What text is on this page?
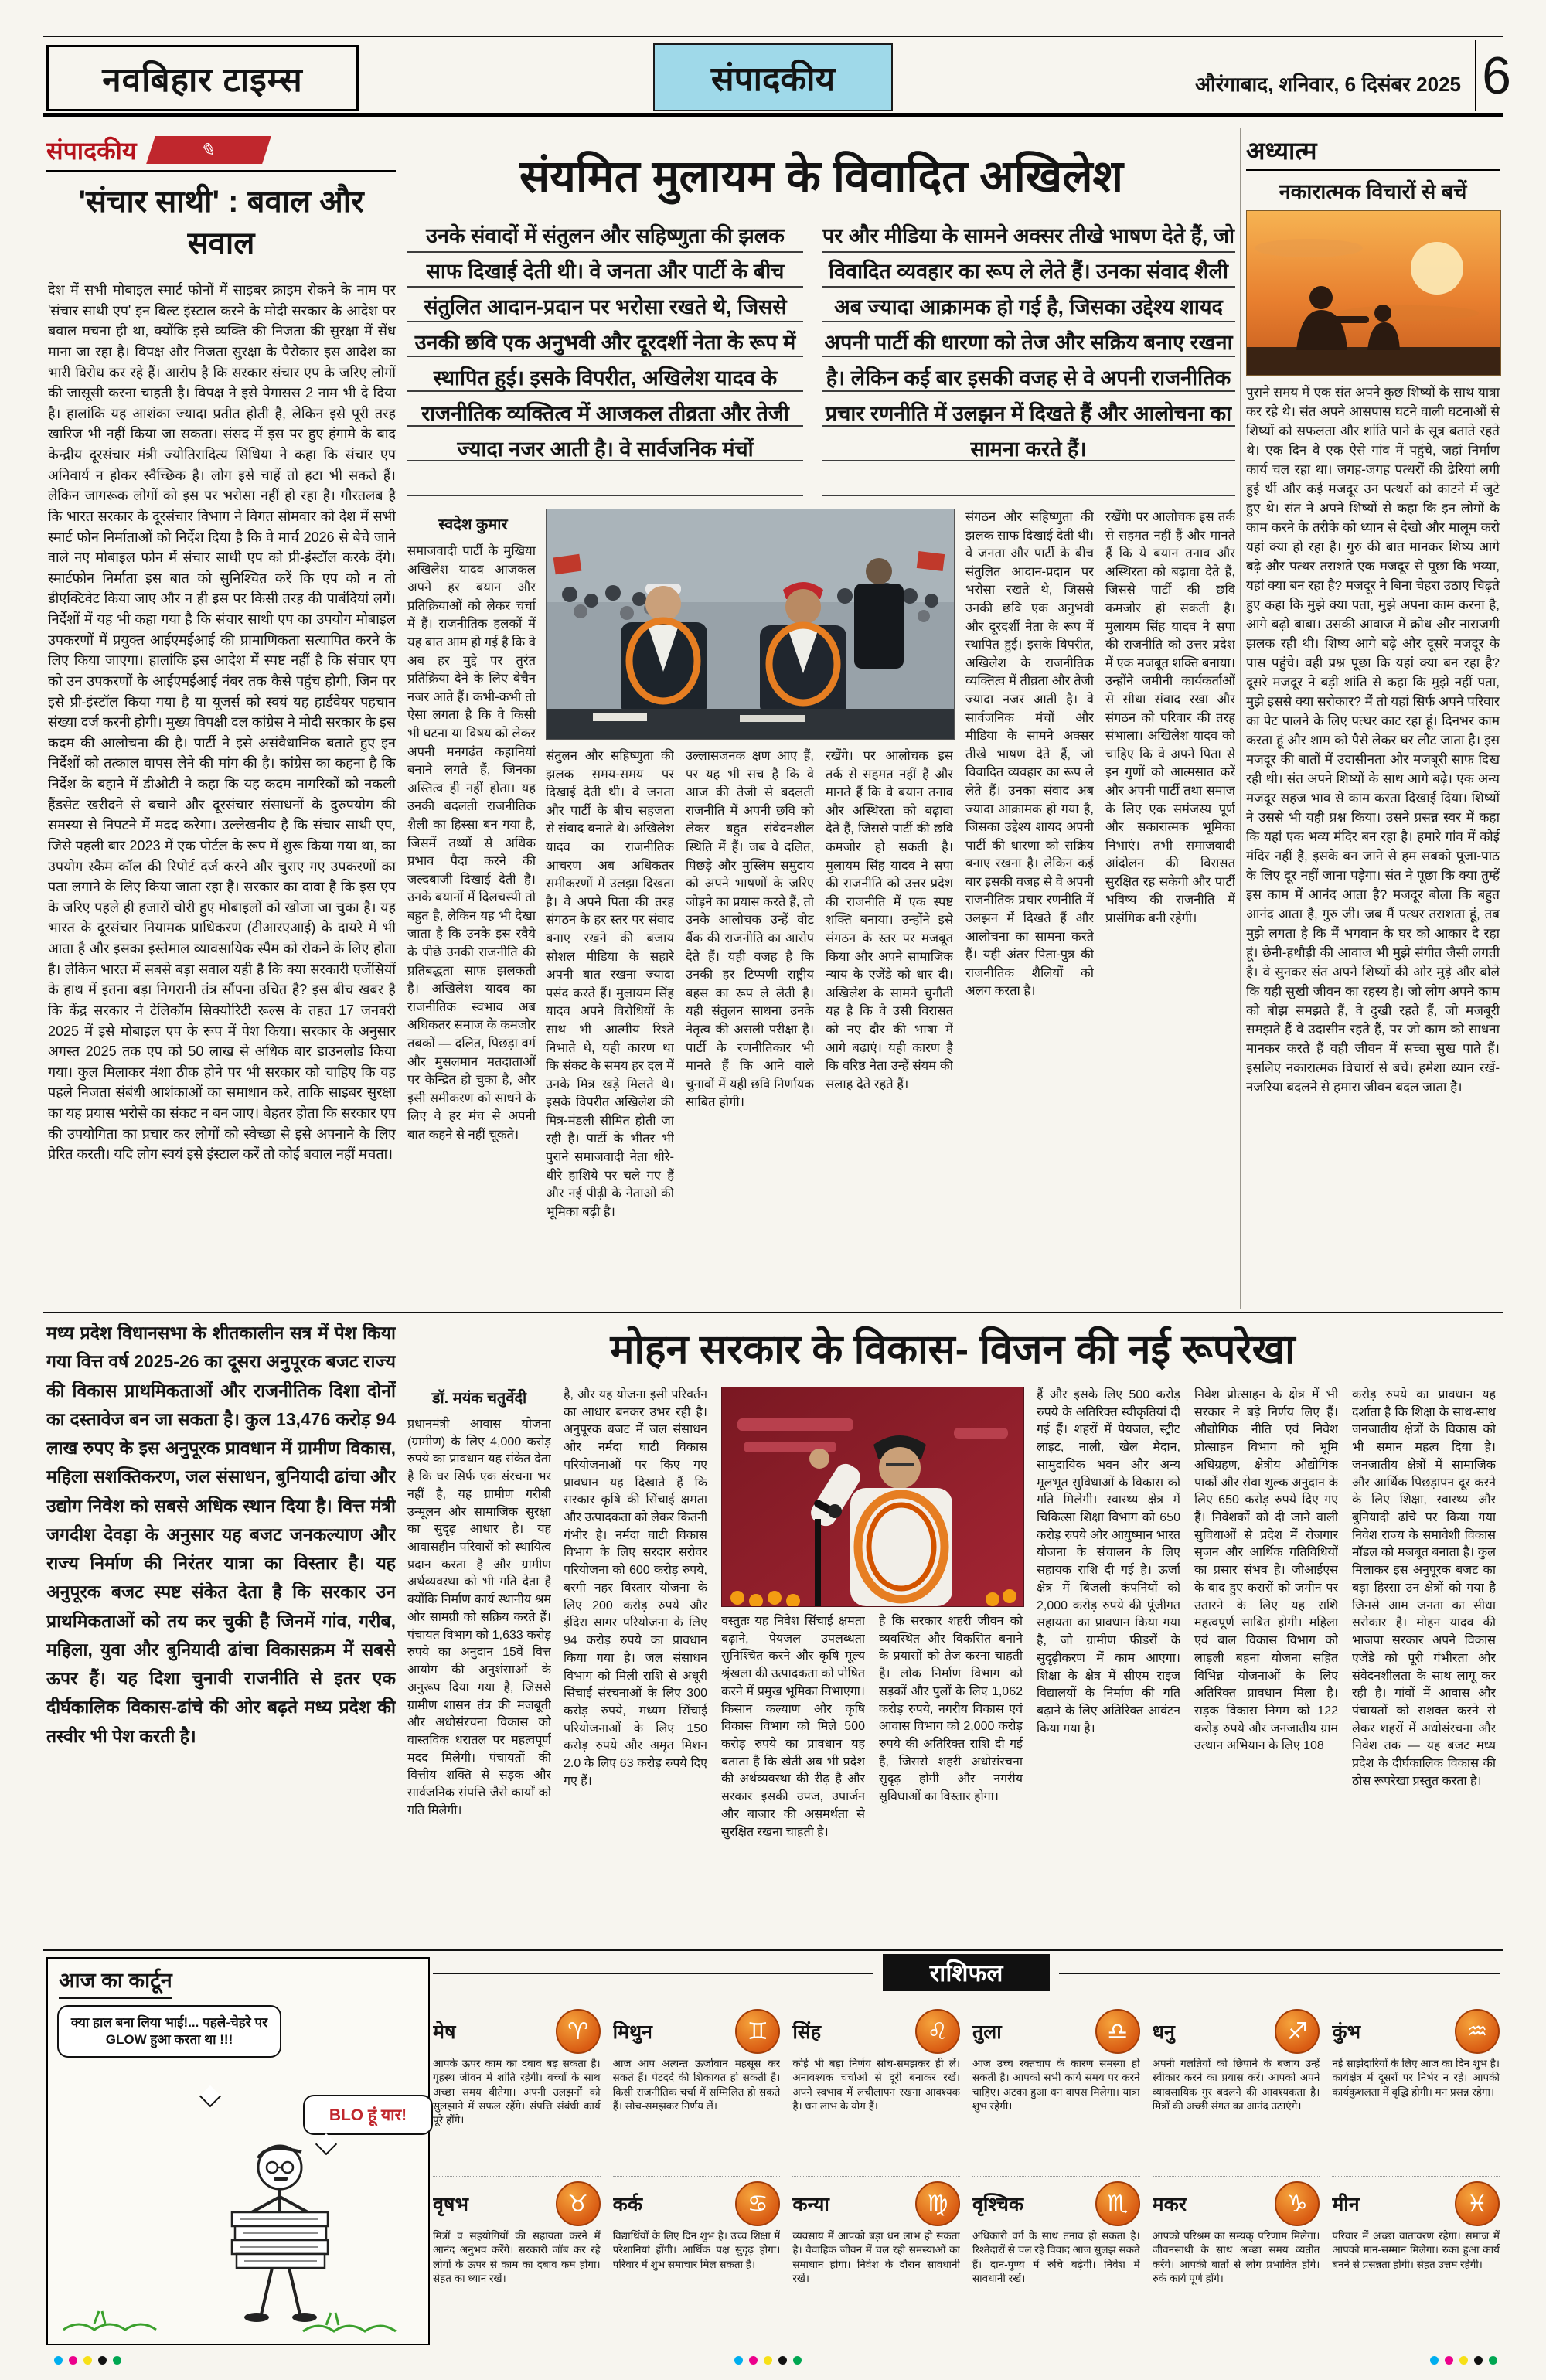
नवबिहार टाइम्स	संपादकीय	औरंगाबाद, शनिवार, 6 दिसंबर 2025 6
संपादकीय	✎
'संचार साथी' : बवाल और सवाल
देश में सभी मोबाइल स्मार्ट फोनों में साइबर क्राइम रोकने के नाम पर 'संचार साथी एप' इन बिल्ट इंस्टाल करने के मोदी सरकार के आदेश पर बवाल मचना ही था, क्योंकि इसे व्यक्ति की निजता की सुरक्षा में सेंध माना जा रहा है। विपक्ष और निजता सुरक्षा के पैरोकार इस आदेश का भारी विरोध कर रहे हैं। आरोप है कि सरकार संचार एप के जरिए लोगों की जासूसी करना चाहती है। विपक्ष ने इसे पेगासस 2 नाम भी दे दिया है। हालांकि यह आशंका ज्यादा प्रतीत होती है, लेकिन इसे पूरी तरह खारिज भी नहीं किया जा सकता। संसद में इस पर हुए हंगामे के बाद केन्द्रीय दूरसंचार मंत्री ज्योतिरादित्य सिंधिया ने कहा कि संचार एप अनिवार्य न होकर स्वैच्छिक है। लोग इसे चाहें तो हटा भी सकते हैं। लेकिन जागरूक लोगों को इस पर भरोसा नहीं हो रहा है। गौरतलब है कि भारत सरकार के दूरसंचार विभाग ने विगत सोमवार को देश में सभी स्मार्ट फोन निर्माताओं को निर्देश दिया है कि वे मार्च 2026 से बेचे जाने वाले नए मोबाइल फोन में संचार साथी एप को प्री-इंस्टॉल करके देंगे। स्मार्टफोन निर्माता इस बात को सुनिश्चित करें कि एप को न तो डीएक्टिवेट किया जाए और न ही इस पर किसी तरह की पाबंदियां लगें। निर्देशों में यह भी कहा गया है कि संचार साथी एप का उपयोग मोबाइल उपकरणों में प्रयुक्त आईएमईआई की प्रामाणिकता सत्यापित करने के लिए किया जाएगा। हालांकि इस आदेश में स्पष्ट नहीं है कि संचार एप को उन उपकरणों के आईएमईआई नंबर तक कैसे पहुंच होगी, जिन पर इसे प्री-इंस्टॉल किया गया है या यूजर्स को स्वयं यह हार्डवेयर पहचान संख्या दर्ज करनी होगी। मुख्य विपक्षी दल कांग्रेस ने मोदी सरकार के इस कदम की आलोचना की है। पार्टी ने इसे असंवैधानिक बताते हुए इन निर्देशों को तत्काल वापस लेने की मांग की है। कांग्रेस का कहना है कि निर्देश के बहाने में डीओटी ने कहा कि यह कदम नागरिकों को नकली हैंडसेट खरीदने से बचाने और दूरसंचार संसाधनों के दुरुपयोग की समस्या से निपटने में मदद करेगा। उल्लेखनीय है कि संचार साथी एप, जिसे पहली बार 2023 में एक पोर्टल के रूप में शुरू किया गया था, का उपयोग स्कैम कॉल की रिपोर्ट दर्ज करने और चुराए गए उपकरणों का पता लगाने के लिए किया जाता रहा है। सरकार का दावा है कि इस एप के जरिए पहले ही हजारों चोरी हुए मोबाइलों को खोजा जा चुका है। यह भारत के दूरसंचार नियामक प्राधिकरण (टीआरएआई) के दायरे में भी आता है और इसका इस्तेमाल व्यावसायिक स्पैम को रोकने के लिए होता है। लेकिन भारत में सबसे बड़ा सवाल यही है कि क्या सरकारी एजेंसियों के हाथ में इतना बड़ा निगरानी तंत्र सौंपना उचित है? इस बीच खबर है कि केंद्र सरकार ने टेलिकॉम सिक्योरिटी रूल्स के तहत 17 जनवरी 2025 में इसे मोबाइल एप के रूप में पेश किया। सरकार के अनुसार अगस्त 2025 तक एप को 50 लाख से अधिक बार डाउनलोड किया गया। कुल मिलाकर मंशा ठीक होने पर भी सरकार को चाहिए कि वह पहले निजता संबंधी आशंकाओं का समाधान करे, ताकि साइबर सुरक्षा का यह प्रयास भरोसे का संकट न बन जाए। बेहतर होता कि सरकार एप की उपयोगिता का प्रचार कर लोगों को स्वेच्छा से इसे अपनाने के लिए प्रेरित करती। यदि लोग स्वयं इसे इंस्टाल करें तो कोई बवाल नहीं मचता।
संयमित मुलायम के विवादित अखिलेश
उनके संवादों में संतुलन और सहिष्णुता की झलक साफ दिखाई देती थी। वे जनता और पार्टी के बीच संतुलित आदान-प्रदान पर भरोसा रखते थे, जिससे उनकी छवि एक अनुभवी और दूरदर्शी नेता के रूप में स्थापित हुई। इसके विपरीत, अखिलेश यादव के राजनीतिक व्यक्तित्व में आजकल तीव्रता और तेजी ज्यादा नजर आती है। वे सार्वजनिक मंचों
पर और मीडिया के सामने अक्सर तीखे भाषण देते हैं, जो विवादित व्यवहार का रूप ले लेते हैं। उनका संवाद शैली अब ज्यादा आक्रामक हो गई है, जिसका उद्देश्य शायद अपनी पार्टी की धारणा को तेज और सक्रिय बनाए रखना है। लेकिन कई बार इसकी वजह से वे अपनी राजनीतिक प्रचार रणनीति में उलझन में दिखते हैं और आलोचना का सामना करते हैं।
स्वदेश कुमार
समाजवादी पार्टी के मुखिया अखिलेश यादव आजकल अपने हर बयान और प्रतिक्रियाओं को लेकर चर्चा में हैं। राजनीतिक हलकों में यह बात आम हो गई है कि वे अब हर मुद्दे पर तुरंत प्रतिक्रिया देने के लिए बेचैन नजर आते हैं। कभी-कभी तो ऐसा लगता है कि वे किसी भी घटना या विषय को लेकर अपनी मनगढ़ंत कहानियां बनाने लगते हैं, जिनका अस्तित्व ही नहीं होता। यह उनकी बदलती राजनीतिक शैली का हिस्सा बन गया है, जिसमें तथ्यों से अधिक प्रभाव पैदा करने की जल्दबाजी दिखाई देती है। उनके बयानों में दिलचस्पी तो बहुत है, लेकिन यह भी देखा जाता है कि उनके इस रवैये के पीछे उनकी राजनीति की प्रतिबद्धता साफ झलकती है। अखिलेश यादव का राजनीतिक स्वभाव अब अधिकतर समाज के कमजोर तबकों — दलित, पिछड़ा वर्ग और मुसलमान मतदाताओं पर केन्द्रित हो चुका है, और इसी समीकरण को साधने के लिए वे हर मंच से अपनी बात कहने से नहीं चूकते।
संतुलन और सहिष्णुता की झलक समय-समय पर दिखाई देती थी। वे जनता और पार्टी के बीच सहजता से संवाद बनाते थे। अखिलेश यादव का राजनीतिक आचरण अब अधिकतर समीकरणों में उलझा दिखता है। वे अपने पिता की तरह संगठन के हर स्तर पर संवाद बनाए रखने की बजाय सोशल मीडिया के सहारे अपनी बात रखना ज्यादा पसंद करते हैं। मुलायम सिंह यादव अपने विरोधियों के साथ भी आत्मीय रिश्ते निभाते थे, यही कारण था कि संकट के समय हर दल में उनके मित्र खड़े मिलते थे। इसके विपरीत अखिलेश की मित्र-मंडली सीमित होती जा रही है। पार्टी के भीतर भी पुराने समाजवादी नेता धीरे-धीरे हाशिये पर चले गए हैं और नई पीढ़ी के नेताओं की भूमिका बढ़ी है।
उल्लासजनक क्षण आए हैं, पर यह भी सच है कि वे आज की तेजी से बदलती राजनीति में अपनी छवि को लेकर बहुत संवेदनशील स्थिति में हैं। जब वे दलित, पिछड़े और मुस्लिम समुदाय को अपने भाषणों के जरिए जोड़ने का प्रयास करते हैं, तो उनके आलोचक उन्हें वोट बैंक की राजनीति का आरोप देते हैं। यही वजह है कि उनकी हर टिप्पणी राष्ट्रीय बहस का रूप ले लेती है। यही संतुलन साधना उनके नेतृत्व की असली परीक्षा है। पार्टी के रणनीतिकार भी मानते हैं कि आने वाले चुनावों में यही छवि निर्णायक साबित होगी।
रखेंगे। पर आलोचक इस तर्क से सहमत नहीं हैं और मानते हैं कि वे बयान तनाव और अस्थिरता को बढ़ावा देते हैं, जिससे पार्टी की छवि कमजोर हो सकती है। मुलायम सिंह यादव ने सपा की राजनीति को उत्तर प्रदेश की राजनीति में एक स्पष्ट शक्ति बनाया। उन्होंने इसे संगठन के स्तर पर मजबूत किया और अपने सामाजिक न्याय के एजेंडे को धार दी। अखिलेश के सामने चुनौती यह है कि वे उसी विरासत को नए दौर की भाषा में आगे बढ़ाएं। यही कारण है कि वरिष्ठ नेता उन्हें संयम की सलाह देते रहते हैं।
संगठन और सहिष्णुता की झलक साफ दिखाई देती थी। वे जनता और पार्टी के बीच संतुलित आदान-प्रदान पर भरोसा रखते थे, जिससे उनकी छवि एक अनुभवी और दूरदर्शी नेता के रूप में स्थापित हुई। इसके विपरीत, अखिलेश के राजनीतिक व्यक्तित्व में तीव्रता और तेजी ज्यादा नजर आती है। वे सार्वजनिक मंचों और मीडिया के सामने अक्सर तीखे भाषण देते हैं, जो विवादित व्यवहार का रूप ले लेते हैं। उनका संवाद अब ज्यादा आक्रामक हो गया है, जिसका उद्देश्य शायद अपनी पार्टी की धारणा को सक्रिय बनाए रखना है। लेकिन कई बार इसकी वजह से वे अपनी राजनीतिक प्रचार रणनीति में उलझन में दिखते हैं और आलोचना का सामना करते हैं। यही अंतर पिता-पुत्र की राजनीतिक शैलियों को अलग करता है।
रखेंगे! पर आलोचक इस तर्क से सहमत नहीं हैं और मानते हैं कि ये बयान तनाव और अस्थिरता को बढ़ावा देते हैं, जिससे पार्टी की छवि कमजोर हो सकती है। मुलायम सिंह यादव ने सपा की राजनीति को उत्तर प्रदेश में एक मजबूत शक्ति बनाया। उन्होंने जमीनी कार्यकर्ताओं से सीधा संवाद रखा और संगठन को परिवार की तरह संभाला। अखिलेश यादव को चाहिए कि वे अपने पिता से इन गुणों को आत्मसात करें और अपनी पार्टी तथा समाज के लिए एक समंजस्य पूर्ण और सकारात्मक भूमिका निभाएं। तभी समाजवादी आंदोलन की विरासत सुरक्षित रह सकेगी और पार्टी भविष्य की राजनीति में प्रासंगिक बनी रहेगी।
अध्यात्म
नकारात्मक विचारों से बचें
पुराने समय में एक संत अपने कुछ शिष्यों के साथ यात्रा कर रहे थे। संत अपने आसपास घटने वाली घटनाओं से शिष्यों को सफलता और शांति पाने के सूत्र बताते रहते थे। एक दिन वे एक ऐसे गांव में पहुंचे, जहां निर्माण कार्य चल रहा था। जगह-जगह पत्थरों की ढेरियां लगी हुई थीं और कई मजदूर उन पत्थरों को काटने में जुटे हुए थे। संत ने अपने शिष्यों से कहा कि इन लोगों के काम करने के तरीके को ध्यान से देखो और मालूम करो यहां क्या हो रहा है। गुरु की बात मानकर शिष्य आगे बढ़े और पत्थर तराशते एक मजदूर से पूछा कि भय्या, यहां क्या बन रहा है? मजदूर ने बिना चेहरा उठाए चिढ़ते हुए कहा कि मुझे क्या पता, मुझे अपना काम करना है, आगे बढ़ो बाबा। उसकी आवाज में क्रोध और नाराजगी झलक रही थी। शिष्य आगे बढ़े और दूसरे मजदूर के पास पहुंचे। वही प्रश्न पूछा कि यहां क्या बन रहा है? दूसरे मजदूर ने बड़ी शांति से कहा कि मुझे नहीं पता, मुझे इससे क्या सरोकार? मैं तो यहां सिर्फ अपने परिवार का पेट पालने के लिए पत्थर काट रहा हूं। दिनभर काम करता हूं और शाम को पैसे लेकर घर लौट जाता है। इस मजदूर की बातों में उदासीनता और मजबूरी साफ दिख रही थी। संत अपने शिष्यों के साथ आगे बढ़े। एक अन्य मजदूर सहज भाव से काम करता दिखाई दिया। शिष्यों ने उससे भी यही प्रश्न किया। उसने प्रसन्न स्वर में कहा कि यहां एक भव्य मंदिर बन रहा है। हमारे गांव में कोई मंदिर नहीं है, इसके बन जाने से हम सबको पूजा-पाठ के लिए दूर नहीं जाना पड़ेगा। संत ने पूछा कि क्या तुम्हें इस काम में आनंद आता है? मजदूर बोला कि बहुत आनंद आता है, गुरु जी। जब मैं पत्थर तराशता हूं, तब मुझे लगता है कि मैं भगवान के घर को आकार दे रहा हूं। छेनी-हथौड़ी की आवाज भी मुझे संगीत जैसी लगती है। वे सुनकर संत अपने शिष्यों की ओर मुड़े और बोले कि यही सुखी जीवन का रहस्य है। जो लोग अपने काम को बोझ समझते हैं, वे दुखी रहते हैं, जो मजबूरी समझते हैं वे उदासीन रहते हैं, पर जो काम को साधना मानकर करते हैं वही जीवन में सच्चा सुख पाते हैं। इसलिए नकारात्मक विचारों से बचें। हमेशा ध्यान रखें- नजरिया बदलने से हमारा जीवन बदल जाता है।
मोहन सरकार के विकास- विजन की नई रूपरेखा
मध्य प्रदेश विधानसभा के शीतकालीन सत्र में पेश किया गया वित्त वर्ष 2025-26 का दूसरा अनुपूरक बजट राज्य की विकास प्राथमिकताओं और राजनीतिक दिशा दोनों का दस्तावेज बन जा सकता है। कुल 13,476 करोड़ 94 लाख रुपए के इस अनुपूरक प्रावधान में ग्रामीण विकास, महिला सशक्तिकरण, जल संसाधन, बुनियादी ढांचा और उद्योग निवेश को सबसे अधिक स्थान दिया है। वित्त मंत्री जगदीश देवड़ा के अनुसार यह बजट जनकल्याण और राज्य निर्माण की निरंतर यात्रा का विस्तार है। यह अनुपूरक बजट स्पष्ट संकेत देता है कि सरकार उन प्राथमिकताओं को तय कर चुकी है जिनमें गांव, गरीब, महिला, युवा और बुनियादी ढांचा विकासक्रम में सबसे ऊपर हैं। यह दिशा चुनावी राजनीति से इतर एक दीर्घकालिक विकास-ढांचे की ओर बढ़ते मध्य प्रदेश की तस्वीर भी पेश करती है।
डॉ. मयंक चतुर्वेदी
प्रधानमंत्री आवास योजना (ग्रामीण) के लिए 4,000 करोड़ रुपये का प्रावधान यह संकेत देता है कि घर सिर्फ एक संरचना भर नहीं है, यह ग्रामीण गरीबी उन्मूलन और सामाजिक सुरक्षा का सुदृढ़ आधार है। यह आवासहीन परिवारों को स्थायित्व प्रदान करता है और ग्रामीण अर्थव्यवस्था को भी गति देता है क्योंकि निर्माण कार्य स्थानीय श्रम और सामग्री को सक्रिय करते हैं। पंचायत विभाग को 1,633 करोड़ रुपये का अनुदान 15वें वित्त आयोग की अनुशंसाओं के अनुरूप दिया गया है, जिससे ग्रामीण शासन तंत्र की मजबूती और अधोसंरचना विकास को वास्तविक धरातल पर महत्वपूर्ण मदद मिलेगी। पंचायतों की वित्तीय शक्ति से सड़क और सार्वजनिक संपत्ति जैसे कार्यों को गति मिलेगी।
है, और यह योजना इसी परिवर्तन का आधार बनकर उभर रही है। अनुपूरक बजट में जल संसाधन और नर्मदा घाटी विकास परियोजनाओं पर किए गए प्रावधान यह दिखाते हैं कि सरकार कृषि की सिंचाई क्षमता और उत्पादकता को लेकर कितनी गंभीर है। नर्मदा घाटी विकास विभाग के लिए सरदार सरोवर परियोजना को 600 करोड़ रुपये, बरगी नहर विस्तार योजना के लिए 200 करोड़ रुपये और इंदिरा सागर परियोजना के लिए 94 करोड़ रुपये का प्रावधान किया गया है। जल संसाधन विभाग को मिली राशि से अधूरी सिंचाई संरचनाओं के लिए 300 करोड़ रुपये, मध्यम सिंचाई परियोजनाओं के लिए 150 करोड़ रुपये और अमृत मिशन 2.0 के लिए 63 करोड़ रुपये दिए गए हैं।
वस्तुतः यह निवेश सिंचाई क्षमता बढ़ाने, पेयजल उपलब्धता सुनिश्चित करने और कृषि मूल्य श्रृंखला की उत्पादकता को पोषित करने में प्रमुख भूमिका निभाएगा। किसान कल्याण और कृषि विकास विभाग को मिले 500 करोड़ रुपये का प्रावधान यह बताता है कि खेती अब भी प्रदेश की अर्थव्यवस्था की रीढ़ है और सरकार इसकी उपज, उपार्जन और बाजार की असमर्थता से सुरक्षित रखना चाहती है।
है कि सरकार शहरी जीवन को व्यवस्थित और विकसित बनाने के प्रयासों को तेज करना चाहती है। लोक निर्माण विभाग को सड़कों और पुलों के लिए 1,062 करोड़ रुपये, नगरीय विकास एवं आवास विभाग को 2,000 करोड़ रुपये की अतिरिक्त राशि दी गई है, जिससे शहरी अधोसंरचना सुदृढ़ होगी और नगरीय सुविधाओं का विस्तार होगा।
हैं और इसके लिए 500 करोड़ रुपये के अतिरिक्त स्वीकृतियां दी गई हैं। शहरों में पेयजल, स्ट्रीट लाइट, नाली, खेल मैदान, सामुदायिक भवन और अन्य मूलभूत सुविधाओं के विकास को गति मिलेगी। स्वास्थ्य क्षेत्र में चिकित्सा शिक्षा विभाग को 650 करोड़ रुपये और आयुष्मान भारत योजना के संचालन के लिए सहायक राशि दी गई है। ऊर्जा क्षेत्र में बिजली कंपनियों को 2,000 करोड़ रुपये की पूंजीगत सहायता का प्रावधान किया गया है, जो ग्रामीण फीडरों के सुदृढ़ीकरण में काम आएगा। शिक्षा के क्षेत्र में सीएम राइज विद्यालयों के निर्माण की गति बढ़ाने के लिए अतिरिक्त आवंटन किया गया है।
निवेश प्रोत्साहन के क्षेत्र में भी सरकार ने बड़े निर्णय लिए हैं। औद्योगिक नीति एवं निवेश प्रोत्साहन विभाग को भूमि अधिग्रहण, क्षेत्रीय औद्योगिक पार्कों और सेवा शुल्क अनुदान के लिए 650 करोड़ रुपये दिए गए हैं। निवेशकों को दी जाने वाली सुविधाओं से प्रदेश में रोजगार सृजन और आर्थिक गतिविधियों का प्रसार संभव है। जीआईएस के बाद हुए करारों को जमीन पर उतारने के लिए यह राशि महत्वपूर्ण साबित होगी। महिला एवं बाल विकास विभाग को लाड़ली बहना योजना सहित विभिन्न योजनाओं के लिए अतिरिक्त प्रावधान मिला है। सड़क विकास निगम को 122 करोड़ रुपये और जनजातीय ग्राम उत्थान अभियान के लिए 108
करोड़ रुपये का प्रावधान यह दर्शाता है कि शिक्षा के साथ-साथ जनजातीय क्षेत्रों के विकास को भी समान महत्व दिया है। जनजातीय क्षेत्रों में सामाजिक और आर्थिक पिछड़ापन दूर करने के लिए शिक्षा, स्वास्थ्य और बुनियादी ढांचे पर किया गया निवेश राज्य के समावेशी विकास मॉडल को मजबूत बनाता है। कुल मिलाकर इस अनुपूरक बजट का बड़ा हिस्सा उन क्षेत्रों को गया है जिनसे आम जनता का सीधा सरोकार है। मोहन यादव की भाजपा सरकार अपने विकास एजेंडे को पूरी गंभीरता और संवेदनशीलता के साथ लागू कर रही है। गांवों में आवास और पंचायतों को सशक्त करने से लेकर शहरों में अधोसंरचना और निवेश तक — यह बजट मध्य प्रदेश के दीर्घकालिक विकास की ठोस रूपरेखा प्रस्तुत करता है।
आज का कार्टून
क्या हाल बना लिया भाई!... पहले-चेहरे पर GLOW हुआ करता था !!!
BLO हूं यार!
राशिफल
मेष	♈
आपके ऊपर काम का दबाव बढ़ सकता है। गृहस्थ जीवन में शांति रहेगी। बच्चों के साथ अच्छा समय बीतेगा। अपनी उलझनों को सुलझाने में सफल रहेंगे। संपत्ति संबंधी कार्य पूरे होंगे।
मिथुन	♊
आज आप अत्यन्त ऊर्जावान महसूस कर सकते हैं। पेटदर्द की शिकायत हो सकती है। किसी राजनीतिक चर्चा में सम्मिलित हो सकते हैं। सोच-समझकर निर्णय लें।
सिंह	♌
कोई भी बड़ा निर्णय सोच-समझकर ही लें। अनावश्यक चर्चाओं से दूरी बनाकर रखें। अपने स्वभाव में लचीलापन रखना आवश्यक है। धन लाभ के योग हैं।
तुला	♎
आज उच्च रक्तचाप के कारण समस्या हो सकती है। आपको सभी कार्य समय पर करने चाहिए। अटका हुआ धन वापस मिलेगा। यात्रा शुभ रहेगी।
धनु	♐
अपनी गलतियों को छिपाने के बजाय उन्हें स्वीकार करने का प्रयास करें। आपको अपने व्यावसायिक गुर बदलने की आवश्यकता है। मित्रों की अच्छी संगत का आनंद उठाएंगे।
कुंभ	♒
नई साझेदारियों के लिए आज का दिन शुभ है। कार्यक्षेत्र में दूसरों पर निर्भर न रहें। आपकी कार्यकुशलता में वृद्धि होगी। मन प्रसन्न रहेगा।
वृषभ	♉
मित्रों व सहयोगियों की सहायता करने में आनंद अनुभव करेंगे। सरकारी जॉब कर रहे लोगों के ऊपर से काम का दबाव कम होगा। सेहत का ध्यान रखें।
कर्क	♋
विद्यार्थियों के लिए दिन शुभ है। उच्च शिक्षा में परेशानियां होंगी। आर्थिक पक्ष सुदृढ़ होगा। परिवार में शुभ समाचार मिल सकता है।
कन्या	♍
व्यवसाय में आपको बड़ा धन लाभ हो सकता है। वैवाहिक जीवन में चल रही समस्याओं का समाधान होगा। निवेश के दौरान सावधानी रखें।
वृश्चिक	♏
अधिकारी वर्ग के साथ तनाव हो सकता है। रिश्तेदारों से चल रहे विवाद आज सुलझ सकते हैं। दान-पुण्य में रुचि बढ़ेगी। निवेश में सावधानी रखें।
मकर	♑
आपको परिश्रम का सम्यक् परिणाम मिलेगा। जीवनसाथी के साथ अच्छा समय व्यतीत करेंगे। आपकी बातों से लोग प्रभावित होंगे। रुके कार्य पूर्ण होंगे।
मीन	♓
परिवार में अच्छा वातावरण रहेगा। समाज में आपको मान-सम्मान मिलेगा। रुका हुआ कार्य बनने से प्रसन्नता होगी। सेहत उत्तम रहेगी।
